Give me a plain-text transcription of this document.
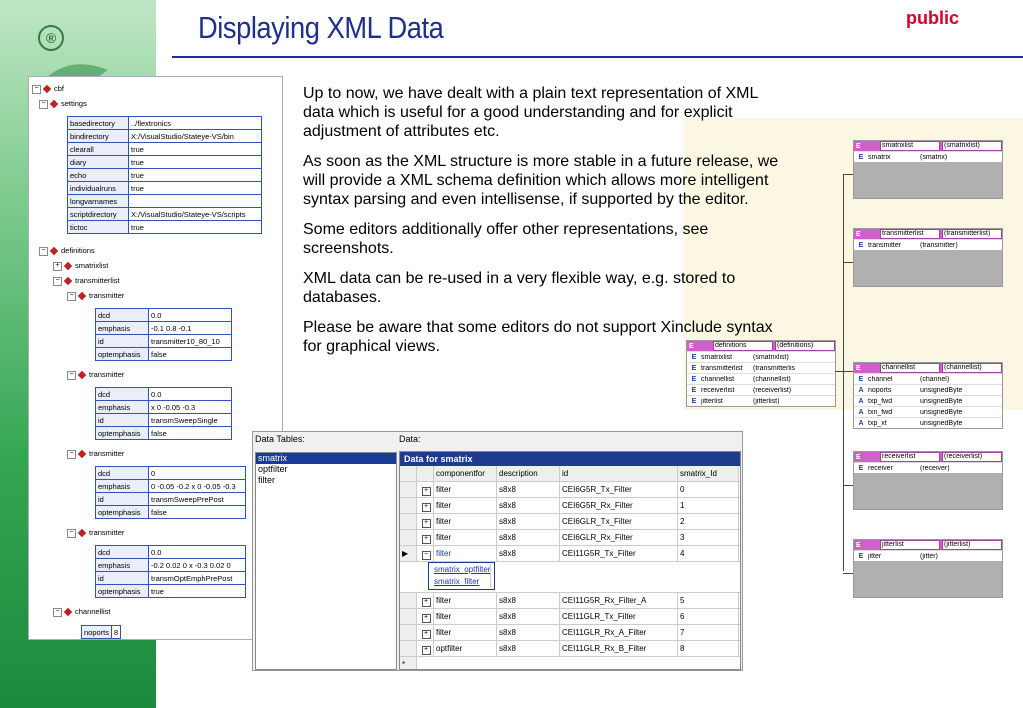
®	Displaying XML Data	public
E	smatrixlist	(smatrixlist)
E smatrix	(smatrix)
E	transmitterlist	(transmitterlist)
E transmitter	(transmitter)
E	definitions	(definitions)
E smatrixlist	(smatrixlist)
E transmitterlist	(transmitterlis
E channellist	(channellist)
E receiverlist	(receiverlist)
E jitterlist	(jitterlist)
E	channellist	(channellist)
E channel	(channel)
A noports	unsignedByte
A txp_fwd	unsignedByte
A txn_fwd	unsignedByte
A txp_xt	unsignedByte
E	receiverlist	(receiverlist)
E receiver	(receiver)
E	jitterlist	(jitterlist)
E jitter	(jitter)
Up to now, we have dealt with a plain text representation of XML data which is useful for a good understanding and for explicit adjustment of attributes etc.
As soon as the XML structure is more stable in a future release, we will provide a XML schema definition which allows more intelligent syntax parsing and even intellisense, if supported by the editor.
Some editors additionally offer other representations, see screenshots.
XML data can be re-used in a very flexible way, e.g. stored to databases.
Please be aware that some editors do not support Xinclude syntax for graphical views.
− cbf
− settings
basedirectory	../flextronics
bindirectory	X:/VisualStudio/Stateye-VS/bin
clearall	true
diary	true
echo	true
individualruns	true
longvarnames	
scriptdirectory	X:/VisualStudio/Stateye-VS/scripts
tictoc	true
− definitions
+ smatrixlist
− transmitterlist
− transmitter
dcd	0.0
emphasis	-0.1 0.8 -0.1
id	transmitter10_80_10
optemphasis	false
− transmitter
dcd	0.0
emphasis	x 0 -0.05 -0.3
id	transmSweepSingle
optemphasis	false
− transmitter
dcd	0
emphasis	0 -0.05 -0.2 x 0 -0.05 -0.3
id	transmSweepPrePost
optemphasis	false
− transmitter
dcd	0.0
emphasis	-0.2 0.02 0 x -0.3 0.02 0
id	transmOptEmphPrePost
optemphasis	true
− channellist
noports	8
Data Tables:	Data:
smatrix
optfilter
filter
Data for smatrix
componentfor	description	id	smatrix_Id
+ filter	s8x8	CEI6G5R_Tx_Filter	0
+ filter	s8x8	CEI6G5R_Rx_Filter	1
+ filter	s8x8	CEI6GLR_Tx_Filter	2
+ filter	s8x8	CEI6GLR_Rx_Filter	3
▶	− filter	s8x8	CEI11G5R_Tx_Filter	4
smatrix_optfilter
smatrix_filter
+ filter	s8x8	CEI11G5R_Rx_Filter_A	5
+ filter	s8x8	CEI11GLR_Tx_Filter	6
+ filter	s8x8	CEI11GLR_Rx_A_Filter	7
+ optfilter	s8x8	CEI11GLR_Rx_B_Filter	8
*
